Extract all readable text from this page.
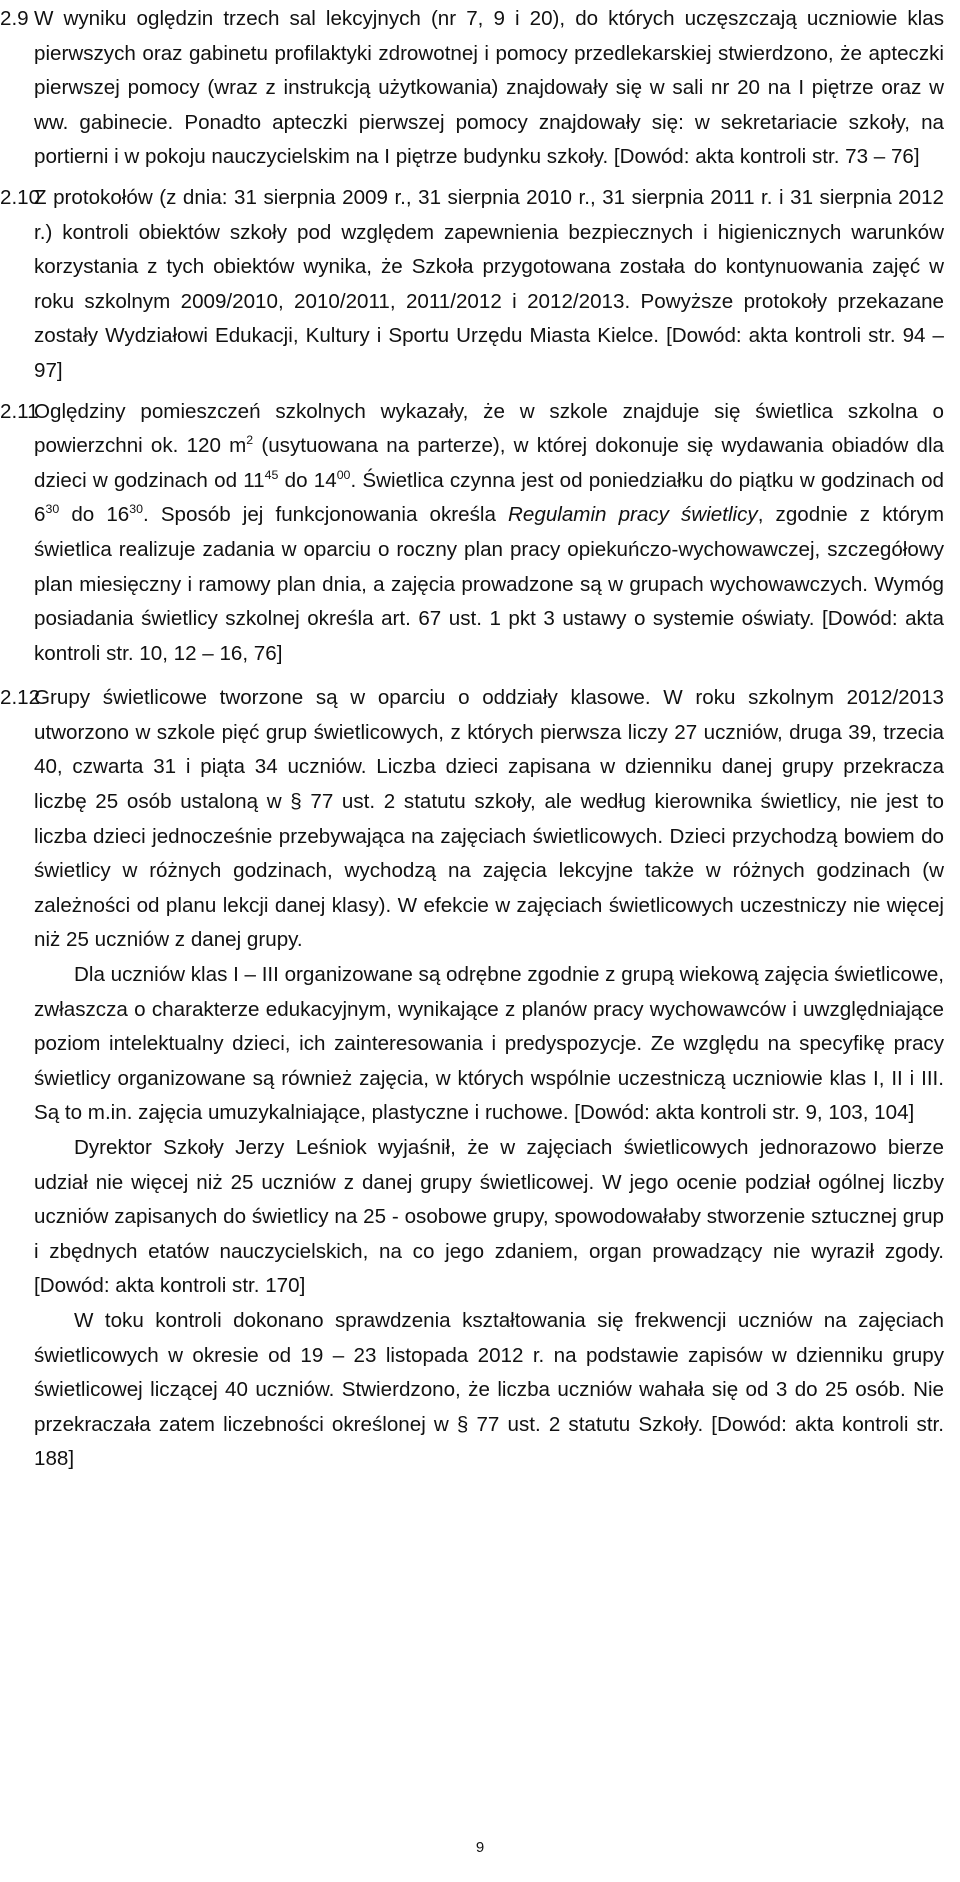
2.9 W wyniku oględzin trzech sal lekcyjnych (nr 7, 9 i 20), do których uczęszczają uczniowie klas pierwszych oraz gabinetu profilaktyki zdrowotnej i pomocy przedlekarskiej stwierdzono, że apteczki pierwszej pomocy (wraz z instrukcją użytkowania) znajdowały się w sali nr 20 na I piętrze oraz w ww. gabinecie. Ponadto apteczki pierwszej pomocy znajdowały się: w sekretariacie szkoły, na portierni i w pokoju nauczycielskim na I piętrze budynku szkoły. [Dowód: akta kontroli str. 73 – 76]

2.10

Z protokołów (z dnia: 31 sierpnia 2009 r., 31 sierpnia 2010 r., 31 sierpnia 2011 r. i 31 sierpnia 2012 r.) kontroli obiektów szkoły pod względem zapewnienia bezpiecznych i higienicznych warunków korzystania z tych obiektów wynika, że Szkoła przygotowana została do kontynuowania zajęć w roku szkolnym 2009/2010, 2010/2011, 2011/2012 i 2012/2013. Powyższe protokoły przekazane zostały Wydziałowi Edukacji, Kultury i Sportu Urzędu Miasta Kielce. [Dowód: akta kontroli str. 94 – 97]

2.11

Oględziny pomieszczeń szkolnych wykazały, że w szkole znajduje się świetlica szkolna o powierzchni ok. 120 $m^2$ (usytuowana na parterze), w której dokonuje się wydawania obiadów dla dzieci w godzinach od $11^{45}$ do $14^{00}$. Świetlica czynna jest od poniedziałku do piątku w godzinach od $6^{30}$ do $16^{30}$. Sposób jej funkcjonowania określa Regulamin pracy świetlicy, zgodnie z którym świetlica realizuje zadania w oparciu o roczny plan pracy opiekuńczo-wychowawczej, szczegółowy plan miesięczny i ramowy plan dnia, a zajęcia prowadzone są w grupach wychowawczych. Wymóg posiadania świetlicy szkolnej określa art. 67 ust. 1 pkt 3 ustawy o systemie oświaty. [Dowód: akta kontroli str. 10, 12 – 16, 76]

2.12

Grupy świetlicowe tworzone są w oparciu o oddziały klasowe. W roku szkolnym 2012/2013 utworzono w szkole pięć grup świetlicowych, z których pierwsza liczy 27 uczniów, druga 39, trzecia 40, czwarta 31 i piąta 34 uczniów. Liczba dzieci zapisana w dzienniku danej grupy przekracza liczbę 25 osób ustaloną w § 77 ust. 2 statutu szkoły, ale według kierownika świetlicy, nie jest to liczba dzieci jednocześnie przebywająca na zajęciach świetlicowych. Dzieci przychodzą bowiem do świetlicy w różnych godzinach, wychodzą na zajęcia lekcyjne także w różnych godzinach (w zależności od planu lekcji danej klasy). W efekcie w zajęciach świetlicowych uczestniczy nie więcej niż 25 uczniów z danej grupy.

Dla uczniów klas I – III organizowane są odrębne zgodnie z grupą wiekową zajęcia świetlicowe, zwłaszcza o charakterze edukacyjnym, wynikające z planów pracy wychowawców i uwzględniające poziom intelektualny dzieci, ich zainteresowania i predyspozycje. Ze względu na specyfikę pracy świetlicy organizowane są również zajęcia, w których wspólnie uczestniczą uczniowie klas I, II i III. Są to m.in. zajęcia umuzykalniające, plastyczne i ruchowe. [Dowód: akta kontroli str. 9, 103, 104]

Dyrektor Szkoły Jerzy Leśniok wyjaśnił, że w zajęciach świetlicowych jednorazowo bierze udział nie więcej niż 25 uczniów z danej grupy świetlicowej. W jego ocenie podział ogólnej liczby uczniów zapisanych do świetlicy na 25 - osobowe grupy, spowodowałaby stworzenie sztucznej grup i zbędnych etatów nauczycielskich, na co jego zdaniem, organ prowadzący nie wyraził zgody. [Dowód: akta kontroli str. 170]

W toku kontroli dokonano sprawdzenia kształtowania się frekwencji uczniów na zajęciach świetlicowych w okresie od 19 – 23 listopada 2012 r. na podstawie zapisów w dzienniku grupy świetlicowej liczącej 40 uczniów. Stwierdzono, że liczba uczniów wahała się od 3 do 25 osób. Nie przekraczała zatem liczebności określonej w § 77 ust. 2 statutu Szkoły. [Dowód: akta kontroli str. 188]

9
